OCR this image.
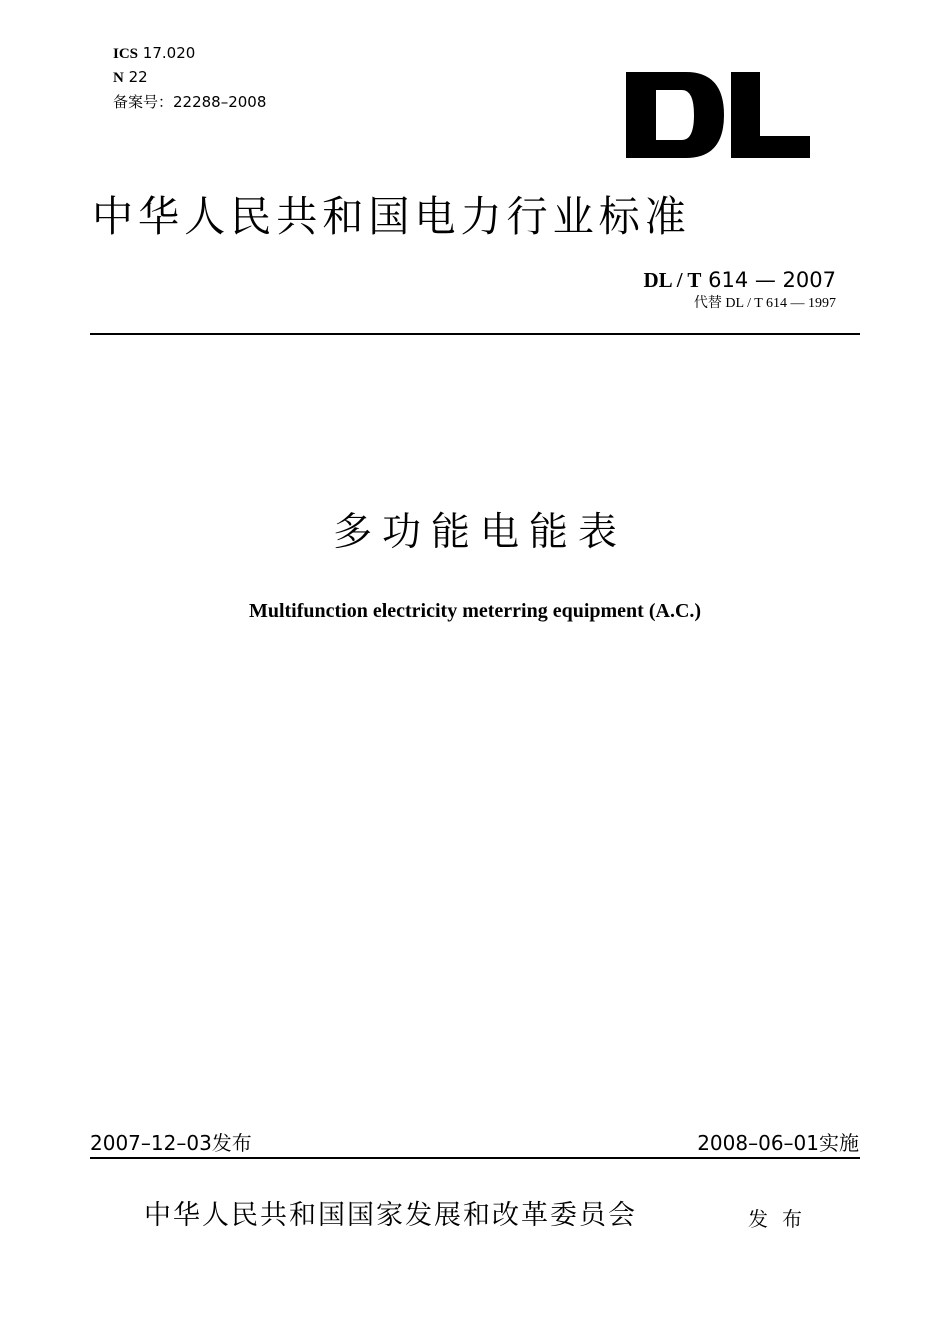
ICS 17.020
N 22
备案号：22288–2008
中华人民共和国电力行业标准
DL / T 614 — 2007
代替 DL / T 614 — 1997
多功能电能表
Multifunction electricity meterring equipment (A.C.)
2007–12–03发布	2008–06–01实施
中华人民共和国国家发展和改革委员会	发布
